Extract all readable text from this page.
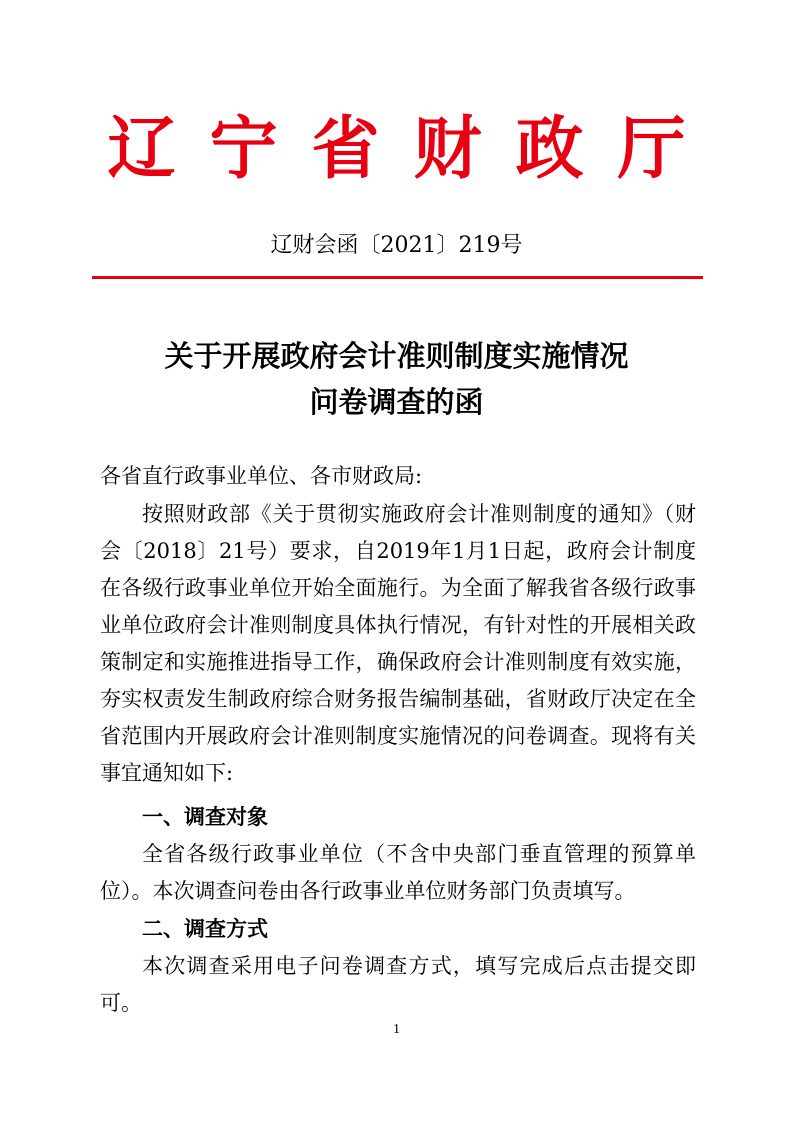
辽宁省财政厅
辽财会函〔2021〕219号
关于开展政府会计准则制度实施情况
问卷调查的函
各省直行政事业单位、各市财政局:
按照财政部《关于贯彻实施政府会计准则制度的通知》（财会〔2018〕21号）要求，自2019年1月1日起，政府会计制度在各级行政事业单位开始全面施行。为全面了解我省各级行政事业单位政府会计准则制度具体执行情况，有针对性的开展相关政策制定和实施推进指导工作，确保政府会计准则制度有效实施，夯实权责发生制政府综合财务报告编制基础，省财政厅决定在全省范围内开展政府会计准则制度实施情况的问卷调查。现将有关事宜通知如下:
一、调查对象
全省各级行政事业单位（不含中央部门垂直管理的预算单位）。本次调查问卷由各行政事业单位财务部门负责填写。
二、调查方式
本次调查采用电子问卷调查方式，填写完成后点击提交即可。
1
